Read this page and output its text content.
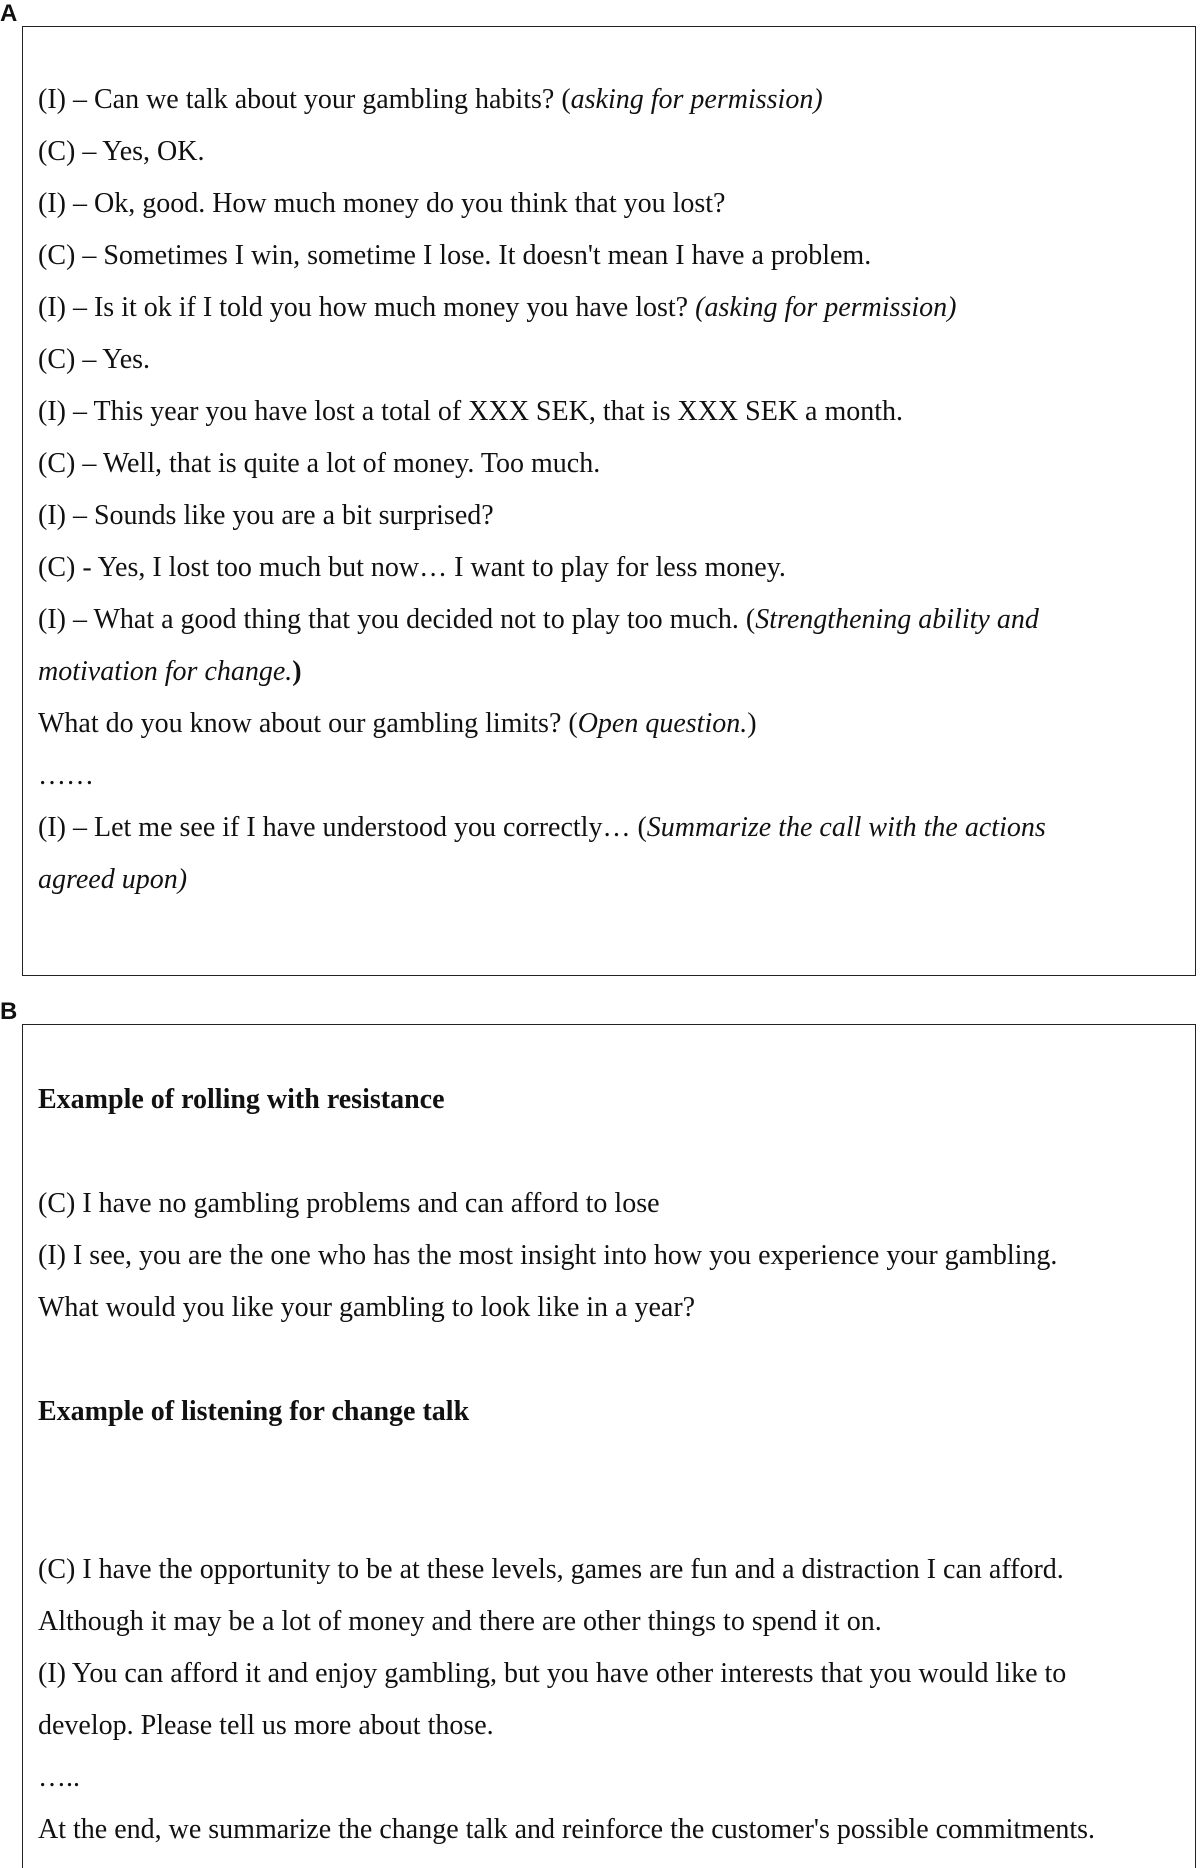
A
(I) – Can we talk about your gambling habits? (asking for permission)
(C) – Yes, OK.
(I) – Ok, good. How much money do you think that you lost?
(C) – Sometimes I win, sometime I lose. It doesn't mean I have a problem.
(I) – Is it ok if I told you how much money you have lost? (asking for permission)
(C) – Yes.
(I) – This year you have lost a total of XXX SEK, that is XXX SEK a month.
(C) – Well, that is quite a lot of money. Too much.
(I) – Sounds like you are a bit surprised?
(C) - Yes, I lost too much but now… I want to play for less money.
(I) – What a good thing that you decided not to play too much. (Strengthening ability and
motivation for change.)
What do you know about our gambling limits? (Open question.)
……
(I) – Let me see if I have understood you correctly… (Summarize the call with the actions
agreed upon)
B
Example of rolling with resistance
(C) I have no gambling problems and can afford to lose
(I) I see, you are the one who has the most insight into how you experience your gambling.
What would you like your gambling to look like in a year?
Example of listening for change talk
(C) I have the opportunity to be at these levels, games are fun and a distraction I can afford.
Although it may be a lot of money and there are other things to spend it on.
(I) You can afford it and enjoy gambling, but you have other interests that you would like to
develop. Please tell us more about those.
…..
At the end, we summarize the change talk and reinforce the customer's possible commitments.
